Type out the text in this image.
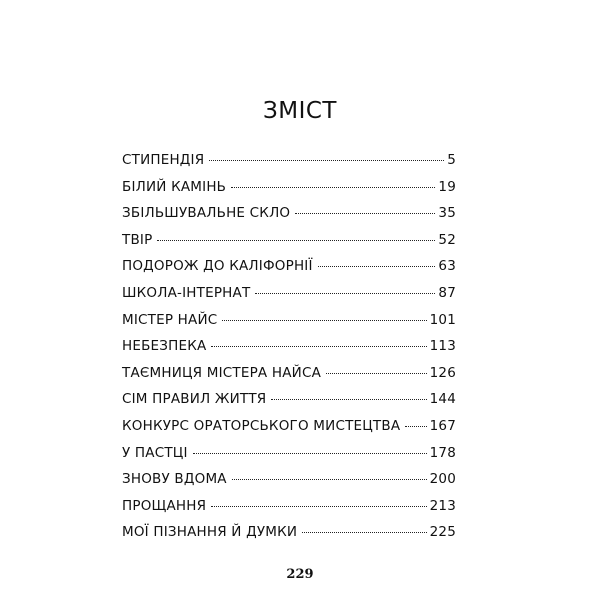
ЗМІСТ
СТИПЕНДІЯ	5
БІЛИЙ КАМІНЬ	19
ЗБІЛЬШУВАЛЬНЕ СКЛО	35
ТВІР	52
ПОДОРОЖ ДО КАЛІФОРНІЇ	63
ШКОЛА-ІНТЕРНАТ	87
МІСТЕР НАЙС	101
НЕБЕЗПЕКА	113
ТАЄМНИЦЯ МІСТЕРА НАЙСА	126
СІМ ПРАВИЛ ЖИТТЯ	144
КОНКУРС ОРАТОРСЬКОГО МИСТЕЦТВА 167
У ПАСТЦІ	178
ЗНОВУ ВДОМА	200
ПРОЩАННЯ	213
МОЇ ПІЗНАННЯ Й ДУМКИ	225
229
